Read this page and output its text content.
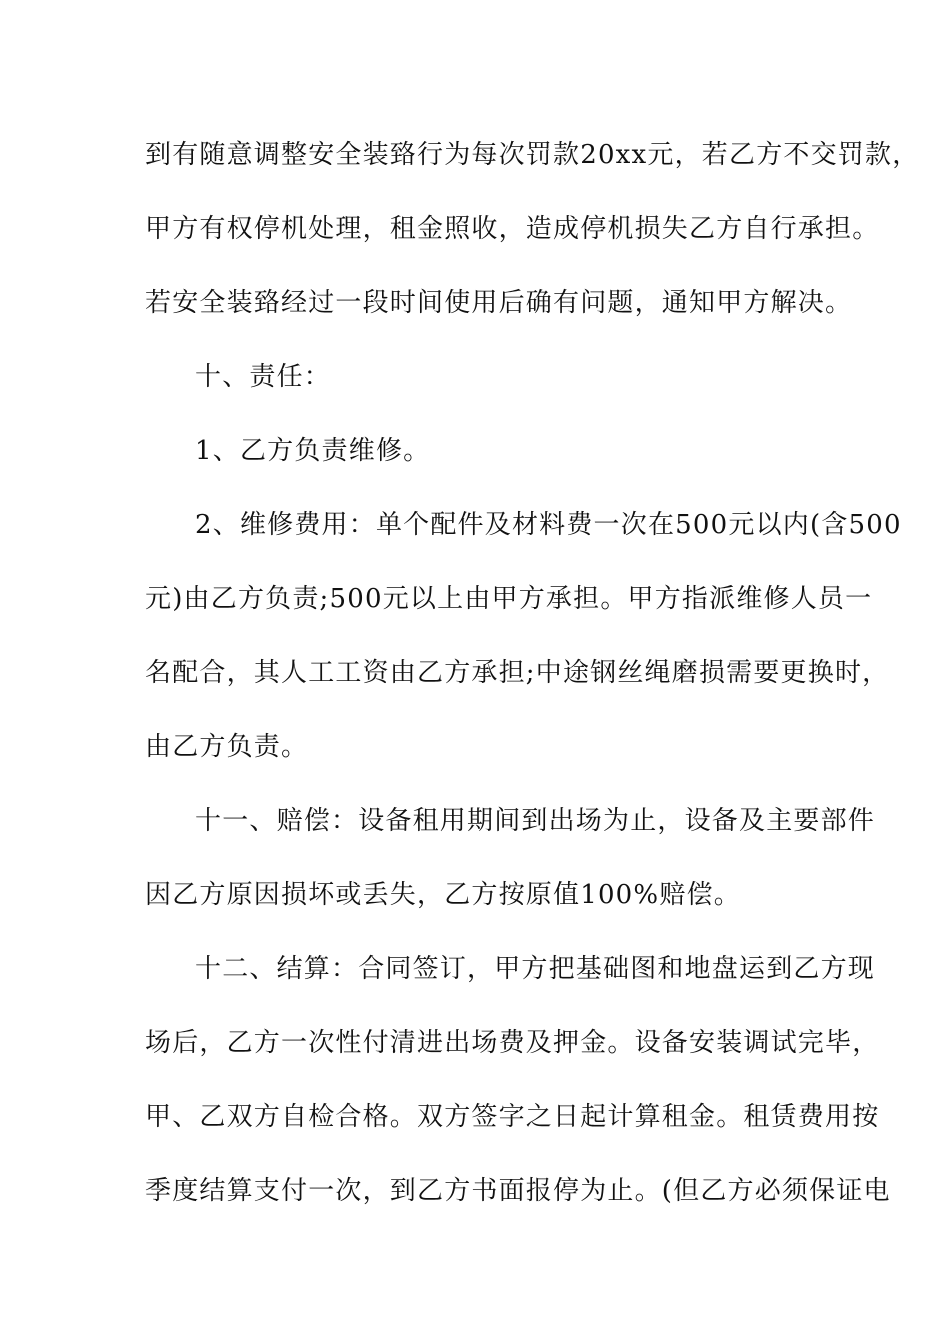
到有随意调整安全装臵行为每次罚款20xx元，若乙方不交罚款，
甲方有权停机处理，租金照收，造成停机损失乙方自行承担。
若安全装臵经过一段时间使用后确有问题，通知甲方解决。
十、责任：
1、乙方负责维修。
2、维修费用：单个配件及材料费一次在500元以内(含500
元)由乙方负责;500元以上由甲方承担。甲方指派维修人员一
名配合，其人工工资由乙方承担;中途钢丝绳磨损需要更换时，
由乙方负责。
十一、赔偿：设备租用期间到出场为止，设备及主要部件
因乙方原因损坏或丢失，乙方按原值100%赔偿。
十二、结算：合同签订，甲方把基础图和地盘运到乙方现
场后，乙方一次性付清进出场费及押金。设备安装调试完毕，
甲、乙双方自检合格。双方签字之日起计算租金。租赁费用按
季度结算支付一次，到乙方书面报停为止。(但乙方必须保证电
